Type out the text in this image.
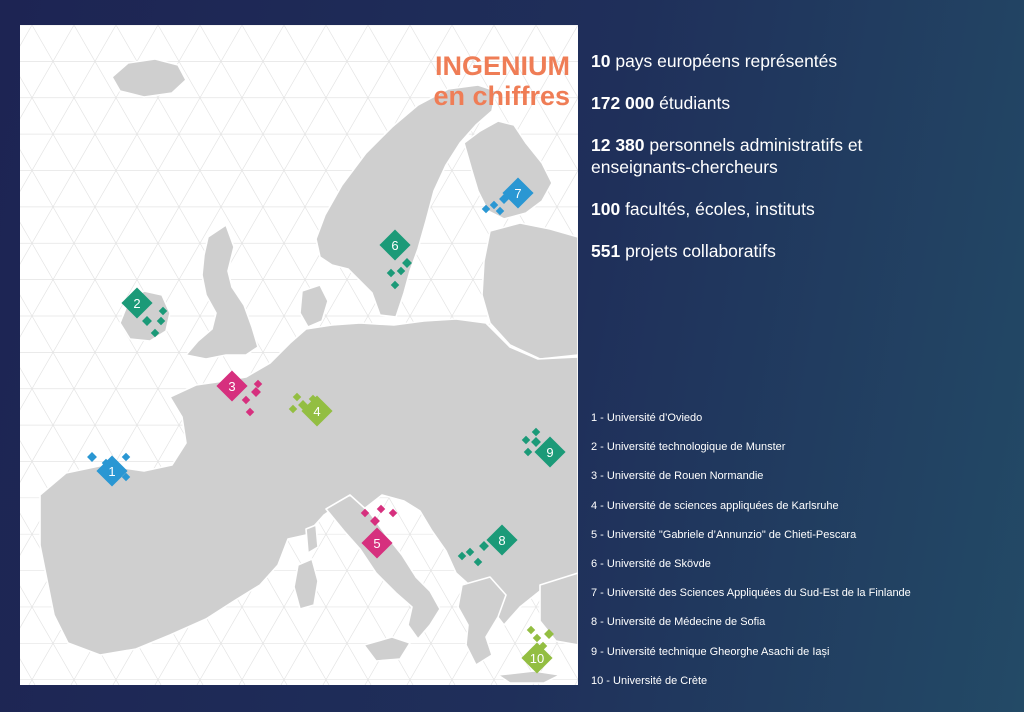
1
2
3
4
5
6
7
8
9
10
INGENIUM
en chiffres
10 pays européens représentés
172 000 étudiants
12 380 personnels administratifs et enseignants-chercheurs
100 facultés, écoles, instituts
551 projets collaboratifs
1 - Université d’Oviedo
2 - Université technologique de Munster
3 - Université de Rouen Normandie
4 - Université de sciences appliquées de Karlsruhe
5 - Université "Gabriele d’Annunzio" de Chieti-Pescara
6 - Université de Skövde
7 - Université des Sciences Appliquées du Sud-Est de la Finlande
8 - Université de Médecine de Sofia
9 - Université technique Gheorghe Asachi de Iași
10 - Université de Crète
